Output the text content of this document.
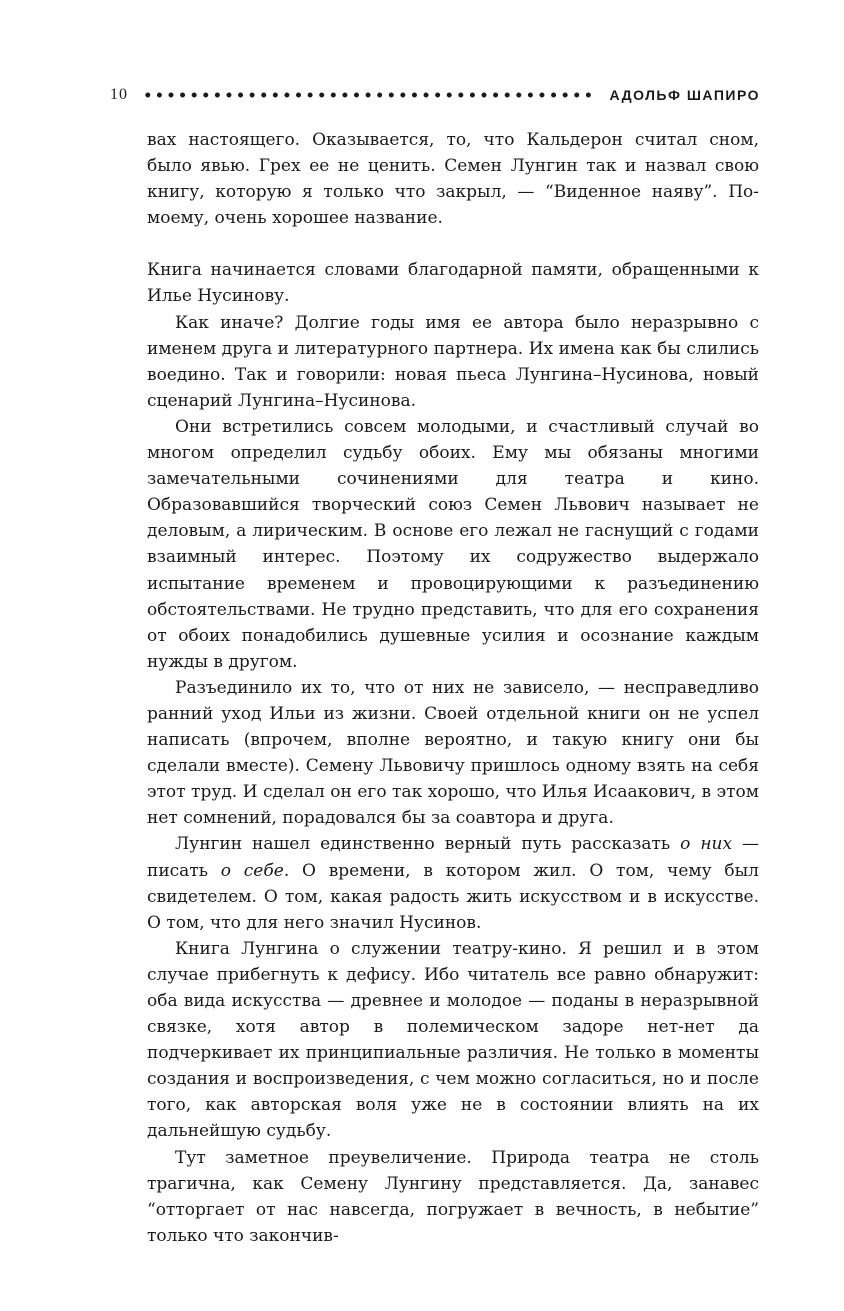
10	АДОЛЬФ ШАПИРО

вах настоящего. Оказывается, то, что Кальдерон считал сном, было явью. Грех ее не ценить. Семен Лунгин так и назвал свою книгу, которую я только что закрыл, — “Виденное наяву”. По-моему, очень хорошее название.

Книга начинается словами благодарной памяти, обращенными к Илье Нусинову.

Как иначе? Долгие годы имя ее автора было неразрывно с именем друга и литературного партнера. Их имена как бы слились воедино. Так и говорили: новая пьеса Лунгина–Нусинова, новый сценарий Лунгина–Нусинова.

Они встретились совсем молодыми, и счастливый случай во многом определил судьбу обоих. Ему мы обязаны многими замечательными сочинениями для театра и кино. Образовавшийся творческий союз Семен Львович называет не деловым, а лирическим. В основе его лежал не гаснущий с годами взаимный интерес. Поэтому их содружество выдержало испытание временем и провоцирующими к разъединению обстоятельствами. Не трудно представить, что для его сохранения от обоих понадобились душевные усилия и осознание каждым нужды в другом.

Разъединило их то, что от них не зависело, — несправедливо ранний уход Ильи из жизни. Своей отдельной книги он не успел написать (впрочем, вполне вероятно, и такую книгу они бы сделали вместе). Семену Львовичу пришлось одному взять на себя этот труд. И сделал он его так хорошо, что Илья Исаакович, в этом нет сомнений, порадовался бы за соавтора и друга.

Лунгин нашел единственно верный путь рассказать о них — писать о себе. О времени, в котором жил. О том, чему был свидетелем. О том, какая радость жить искусством и в искусстве. О том, что для него значил Нусинов.

Книга Лунгина о служении театру-кино. Я решил и в этом случае прибегнуть к дефису. Ибо читатель все равно обнаружит: оба вида искусства — древнее и молодое — поданы в неразрывной связке, хотя автор в полемическом задоре нет-нет да подчеркивает их принципиальные различия. Не только в моменты создания и воспроизведения, с чем можно согласиться, но и после того, как авторская воля уже не в состоянии влиять на их дальнейшую судьбу.

Тут заметное преувеличение. Природа театра не столь трагична, как Семену Лунгину представляется. Да, занавес “отторгает от нас навсегда, погружает в вечность, в небытие” только что закончив-
